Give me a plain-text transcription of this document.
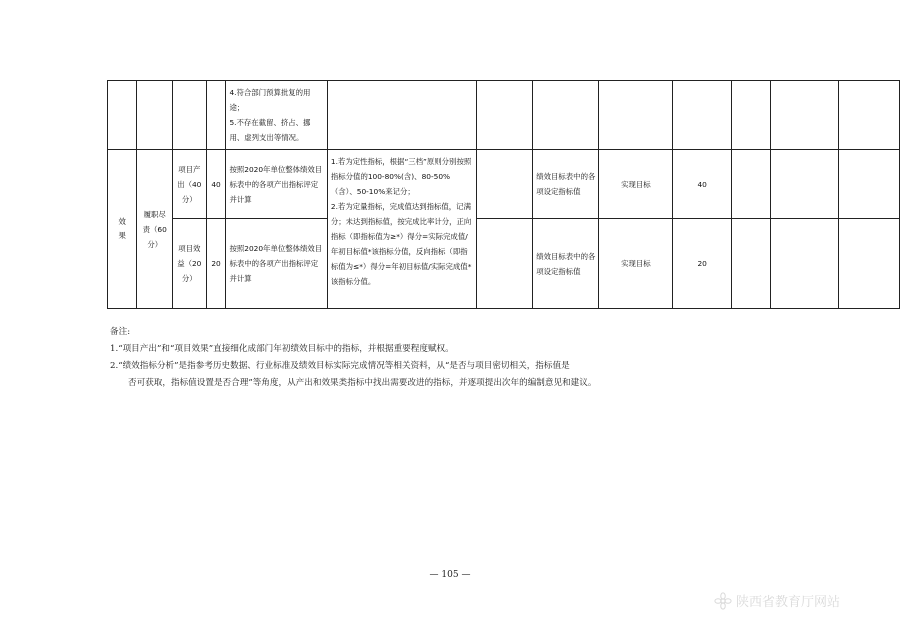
				4.符合部门预算批复的用途；
5.不存在截留、挤占、挪用、虚列支出等情况。								

效果	履职尽责（60分）	项目产出（40分）	40	按照2020年单位整体绩效目标表中的各项产出指标评定并计算	1.若为定性指标，根据“三档”原则分别按照指标分值的100-80%(含)、80-50%（含）、50-10%来记分；
2.若为定量指标，完成值达到指标值，记满分；未达到指标值，按完成比率计分，正向指标（即指标值为≥*）得分=实际完成值/年初目标值*该指标分值，反向指标（即指标值为≤*）得分=年初目标值/实际完成值*该指标分值。		绩效目标表中的各项设定指标值	实现目标	40			

		项目效益（20分）	20	按照2020年单位整体绩效目标表中的各项产出指标评定并计算			绩效目标表中的各项设定指标值	实现目标	20			
备注:
1.“项目产出”和“项目效果”直接细化成部门年初绩效目标中的指标，并根据重要程度赋权。
2.“绩效指标分析”是指参考历史数据、行业标准及绩效目标实际完成情况等相关资料，从“是否与项目密切相关，指标值是
否可获取，指标值设置是否合理”等角度，从产出和效果类指标中找出需要改进的指标，并逐项提出次年的编制意见和建议。
— 105 —
陕西省教育厅网站
